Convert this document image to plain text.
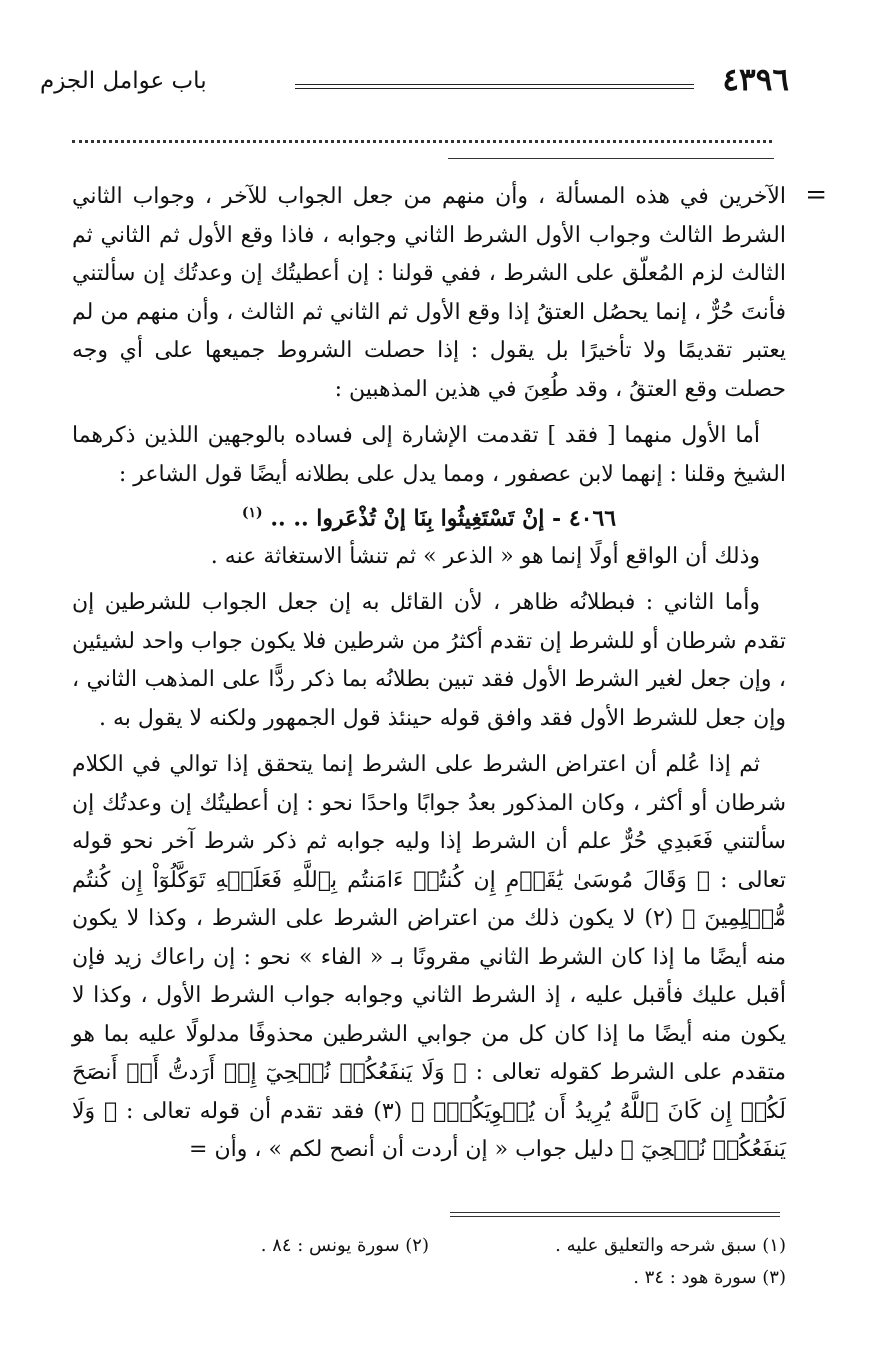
٤٣٩٦
باب عوامل الجزم
=

الآخرين في هذه المسألة ، وأن منهم من جعل الجواب للآخر ، وجواب الثاني الشرط الثالث وجواب الأول الشرط الثاني وجوابه ، فاذا وقع الأول ثم الثاني ثم الثالث لزم المُعلّق على الشرط ، ففي قولنا : إن أعطيتُك إن وعدتُك إن سألتني فأنتَ حُرٌّ ، إنما يحصُل العتقُ إذا وقع الأول ثم الثاني ثم الثالث ، وأن منهم من لم يعتبر تقديمًا ولا تأخيرًا بل يقول : إذا حصلت الشروط جميعها على أي وجه حصلت وقع العتقُ ، وقد طُعِنَ في هذين المذهبين :

أما الأول منهما [ فقد ] تقدمت الإشارة إلى فساده بالوجهين اللذين ذكرهما الشيخ وقلنا : إنهما لابن عصفور ، ومما يدل على بطلانه أيضًا قول الشاعر :

٤٠٦٦ - إنْ تَسْتَغِيثُوا بِنَا إنْ تُذْعَروا .. .. $^{(١)}$

وذلك أن الواقع أولًا إنما هو « الذعر » ثم تنشأ الاستغاثة عنه .

وأما الثاني : فبطلانُه ظاهر ، لأن القائل به إن جعل الجواب للشرطين إن تقدم شرطان أو للشرط إن تقدم أكثرُ من شرطين فلا يكون جواب واحد لشيئين ، وإن جعل لغير الشرط الأول فقد تبين بطلانُه بما ذكر ردًّا على المذهب الثاني ، وإن جعل للشرط الأول فقد وافق قوله حينئذ قول الجمهور ولكنه لا يقول به .

ثم إذا عُلم أن اعتراض الشرط على الشرط إنما يتحقق إذا توالي في الكلام شرطان أو أكثر ، وكان المذكور بعدُ جوابًا واحدًا نحو : إن أعطيتُك إن وعدتُك إن سألتني فَعَبدِي حُرٌّ علم أن الشرط إذا وليه جوابه ثم ذكر شرط آخر نحو قوله تعالى : ﴿ وَقَالَ مُوسَىٰ يَٰقَوۡمِ إِن كُنتُمۡ ءَامَنتُم بِٱللَّهِ فَعَلَيۡهِ تَوَكَّلُوٓاْ إِن كُنتُم مُّسۡلِمِينَ ﴾ (٢) لا يكون ذلك من اعتراض الشرط على الشرط ، وكذا لا يكون منه أيضًا ما إذا كان الشرط الثاني مقرونًا بـ « الفاء » نحو : إن راعاك زيد فإن أقبل عليك فأقبل عليه ، إذ الشرط الثاني وجوابه جواب الشرط الأول ، وكذا لا يكون منه أيضًا ما إذا كان كل من جوابي الشرطين محذوفًا مدلولًا عليه بما هو متقدم على الشرط كقوله تعالى : ﴿ وَلَا يَنفَعُكُمۡ نُصۡحِيٓ إِنۡ أَرَدتُّ أَنۡ أَنصَحَ لَكُمۡ إِن كَانَ ٱللَّهُ يُرِيدُ أَن يُغۡوِيَكُمۡۚ ﴾ (٣) فقد تقدم أن قوله تعالى : ﴿ وَلَا يَنفَعُكُمۡ نُصۡحِيٓ ﴾ دليل جواب « إن أردت أن أنصح لكم » ، وأن =

(١) سبق شرحه والتعليق عليه .
(٢) سورة يونس : ٨٤ .
(٣) سورة هود : ٣٤ .
